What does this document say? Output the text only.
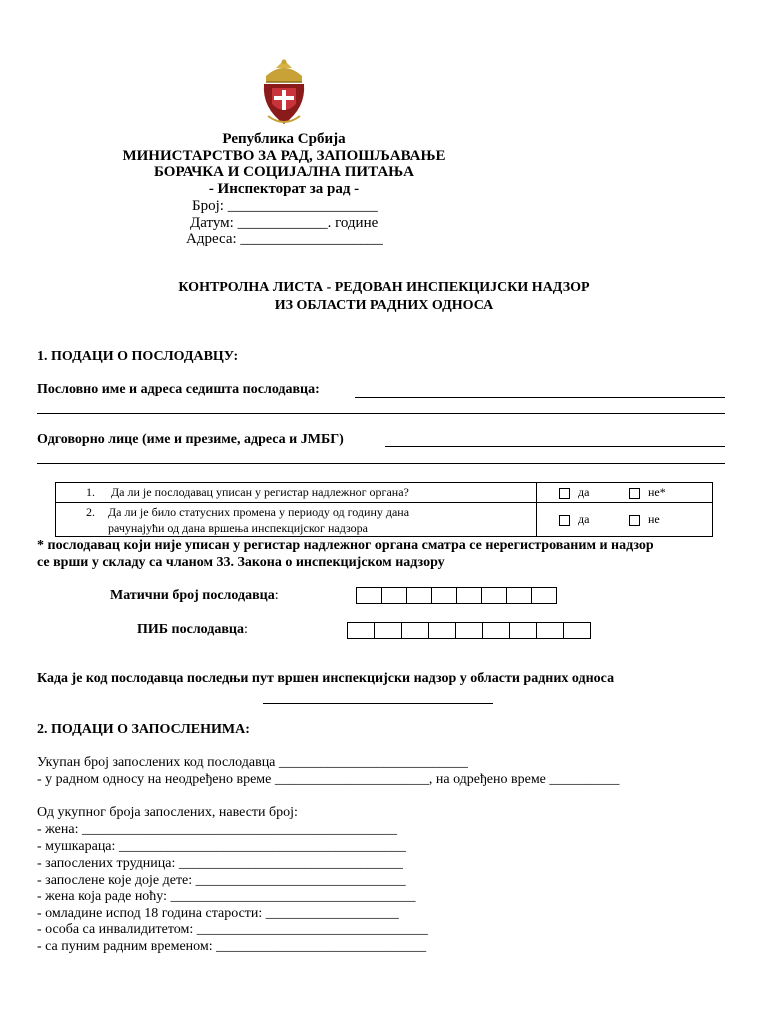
Република Србија
МИНИСТАРСТВО ЗА РАД, ЗАПОШЉАВАЊЕ
БОРАЧКА И СОЦИЈАЛНА ПИТАЊА
- Инспекторат за рад -
Број: ____________________
Датум: ____________. године
Адреса: ___________________
КОНТРОЛНА ЛИСТА - РЕДОВАН ИНСПЕКЦИЈСКИ НАДЗОР
ИЗ ОБЛАСТИ РАДНИХ ОДНОСА
1. ПОДАЦИ О ПОСЛОДАВЦУ:
Пословно име и адреса седишта послодавца:
Одговорно лице (име и презиме, адреса и ЈМБГ)
1. Да ли је послодавац уписан у регистар надлежног органа?	да не*
2. Да ли је било статусних промена у периоду од годину дана
рачунајући од дана вршења инспекцијског надзора	да не
* послодавац који није уписан у регистар надлежног органа сматра се нерегистрованим и надзор
се врши у складу са чланом 33. Закона о инспекцијском надзору
Матични број послодавца:
ПИБ послодавца:
Када је код послодавца последњи пут вршен инспекцијски надзор у области радних односа
2. ПОДАЦИ О ЗАПОСЛЕНИМА:
Укупан број запослених код послодавца ___________________________
- у радном односу на неодређено време ______________________, на одређено време __________
Од укупног броја запослених, навести број:
- жена: _____________________________________________
- мушкараца: _________________________________________
- запослених трудница: ________________________________
- запослене које доје дете: ______________________________
- жена која раде ноћу: ___________________________________
- омладине испод 18 година старости: ___________________
- особа са инвалидитетом: _________________________________
- са пуним радним временом: ______________________________
